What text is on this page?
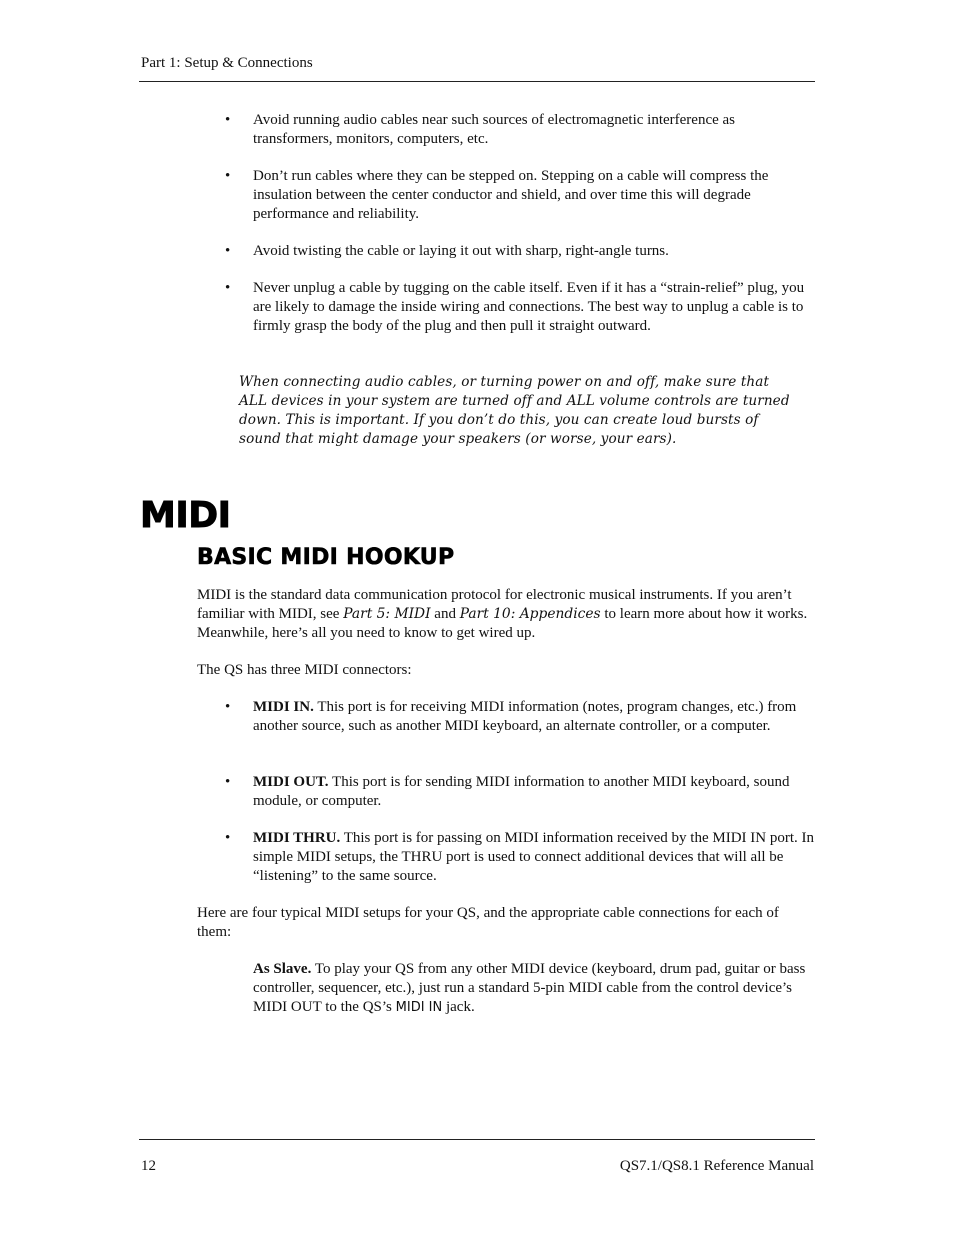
Part 1: Setup & Connections
• Avoid running audio cables near such sources of electromagnetic interference as transformers, monitors, computers, etc.
• Don’t run cables where they can be stepped on. Stepping on a cable will compress the insulation between the center conductor and shield, and over time this will degrade performance and reliability.
• Avoid twisting the cable or laying it out with sharp, right-angle turns.
• Never unplug a cable by tugging on the cable itself. Even if it has a “strain-relief” plug, you are likely to damage the inside wiring and connections. The best way to unplug a cable is to firmly grasp the body of the plug and then pull it straight outward.
When connecting audio cables, or turning power on and off, make sure that ALL devices in your system are turned off and ALL volume controls are turned down. This is important. If you don’t do this, you can create loud bursts of sound that might damage your speakers (or worse, your ears).
MIDI
BASIC MIDI HOOKUP
MIDI is the standard data communication protocol for electronic musical instruments. If you aren’t familiar with MIDI, see Part 5: MIDI and Part 10: Appendices to learn more about how it works. Meanwhile, here’s all you need to know to get wired up.
The QS has three MIDI connectors:
• MIDI IN. This port is for receiving MIDI information (notes, program changes, etc.) from another source, such as another MIDI keyboard, an alternate controller, or a computer.
• MIDI OUT. This port is for sending MIDI information to another MIDI keyboard, sound module, or computer.
• MIDI THRU. This port is for passing on MIDI information received by the MIDI IN port. In simple MIDI setups, the THRU port is used to connect additional devices that will all be “listening” to the same source.
Here are four typical MIDI setups for your QS, and the appropriate cable connections for each of them:
As Slave. To play your QS from any other MIDI device (keyboard, drum pad, guitar or bass controller, sequencer, etc.), just run a standard 5-pin MIDI cable from the control device’s MIDI OUT to the QS’s MIDI IN jack.
12	QS7.1/QS8.1 Reference Manual
